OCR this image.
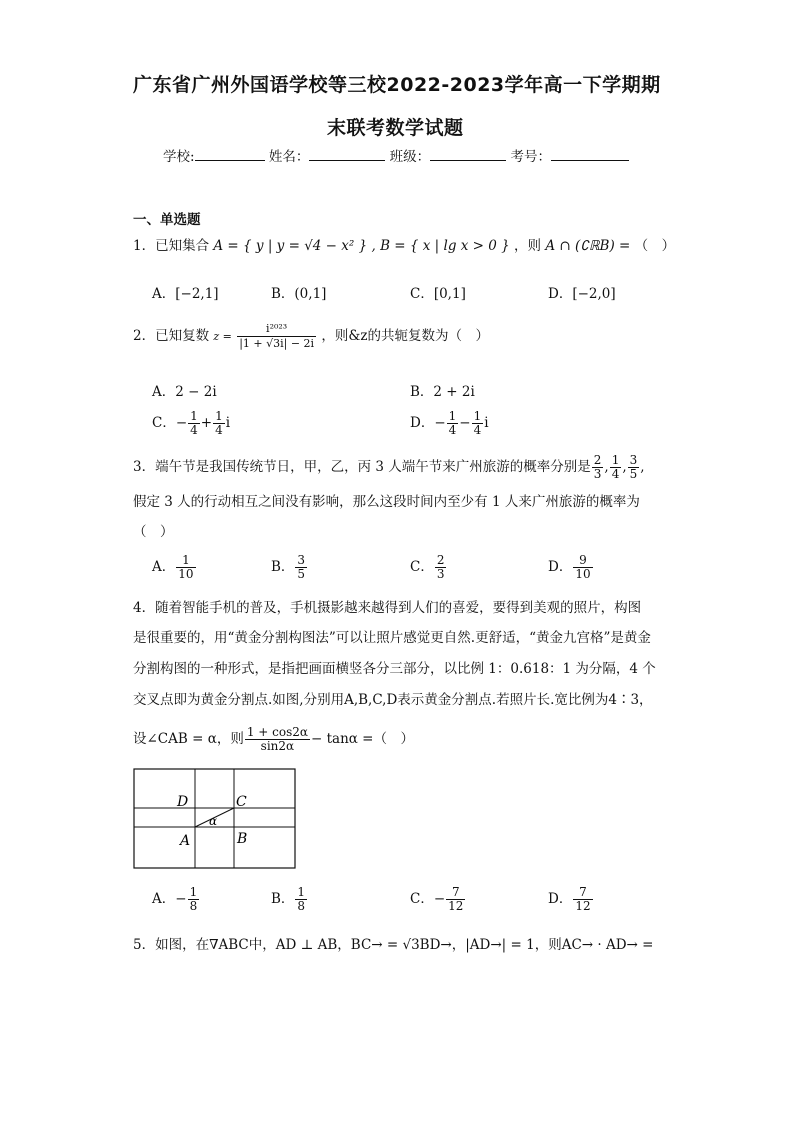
广东省广州外国语学校等三校2022-2023学年高一下学期期
末联考数学试题
学校:	姓名：	班级：	考号：
一、单选题
1．已知集合 A = { y | y = √4 − x² } , B = { x | lg x > 0 } ，则 A ∩ (∁ℝB) = （　）
A．[−2,1]	B．(0,1]	C．[0,1]	D．[−2,0]
2．已知复数 $z = \frac{\text{i²⁰²³}}{|1 + √3i| - 2i}$ ，则&z的共轭复数为（　）
A．2 − 2i	B．2 + 2i
C．− $\frac{1}{4} + \frac{1}{4}$ i	D．− $\frac{1}{4} - \frac{1}{4}$ i
3．端午节是我国传统节日，甲，乙，丙 3 人端午节来广州旅游的概率分别是 $\frac{2}{3}$ , $\frac{1}{4}$ , $\frac{3}{5}$ ,
假定 3 人的行动相互之间没有影响，那么这段时间内至少有 1 人来广州旅游的概率为
（　）
A． $\frac{1}{10}$	B． $\frac{3}{5}$	C． $\frac{2}{3}$	D． $\frac{9}{10}$
4．随着智能手机的普及，手机摄影越来越得到人们的喜爱，要得到美观的照片，构图
是很重要的，用“黄金分割构图法”可以让照片感觉更自然.更舒适，“黄金九宫格”是黄金
分割构图的一种形式，是指把画面横竖各分三部分，以比例 1：0.618：1 为分隔，4 个
交叉点即为黄金分割点.如图,分别用A,B,C,D表示黄金分割点.若照片长.宽比例为4∶3，
设∠CAB = α，则 $\frac{1 + \cos 2\alpha}{\sin 2\alpha} - \tan\alpha$ =（　）
D	C
A	B
α
A．− $\frac{1}{8}$	B． $\frac{1}{8}$	C．− $\frac{7}{12}$	D． $\frac{7}{12}$
5．如图，在∇ABC中，AD ⊥ AB，BC→ = √3BD→，|AD→| = 1，则AC→ · AD→ =
